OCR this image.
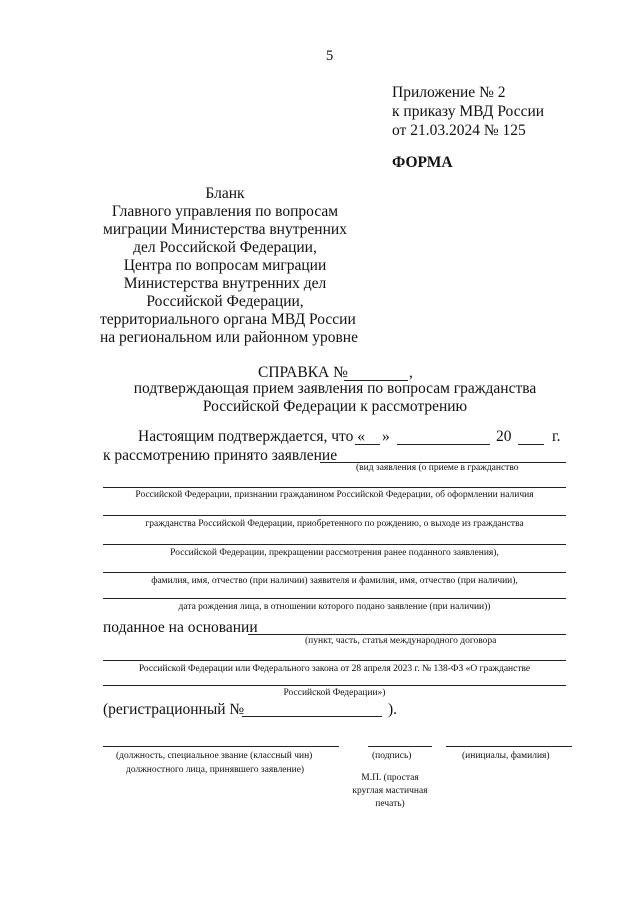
5
Приложение № 2
к приказу МВД России
от 21.03.2024 № 125
ФОРМА
Бланк
Главного управления по вопросам
миграции Министерства внутренних
дел Российской Федерации,
Центра по вопросам миграции
Министерства внутренних дел
Российской Федерации,
территориального органа МВД России
на региональном или районном уровне
СПРАВКА №	,
подтверждающая прием заявления по вопросам гражданства
Российской Федерации к рассмотрению
Настоящим подтверждается, что « »	20	г.
к рассмотрению принято заявление
(вид заявления (о приеме в гражданство
Российской Федерации, признании гражданином Российской Федерации, об оформлении наличия
гражданства Российской Федерации, приобретенного по рождению, о выходе из гражданства
Российской Федерации, прекращении рассмотрения ранее поданного заявления),
фамилия, имя, отчество (при наличии) заявителя и фамилия, имя, отчество (при наличии),
дата рождения лица, в отношении которого подано заявление (при наличии))
поданное на основании
(пункт, часть, статья международного договора
Российской Федерации или Федерального закона от 28 апреля 2023 г. № 138-ФЗ «О гражданстве
Российской Федерации»)
(регистрационный №	).
(должность, специальное звание (классный чин)
должностного лица, принявшего заявление)
(подпись)	(инициалы, фамилия)
М.П. (простая
круглая мастичная
печать)
